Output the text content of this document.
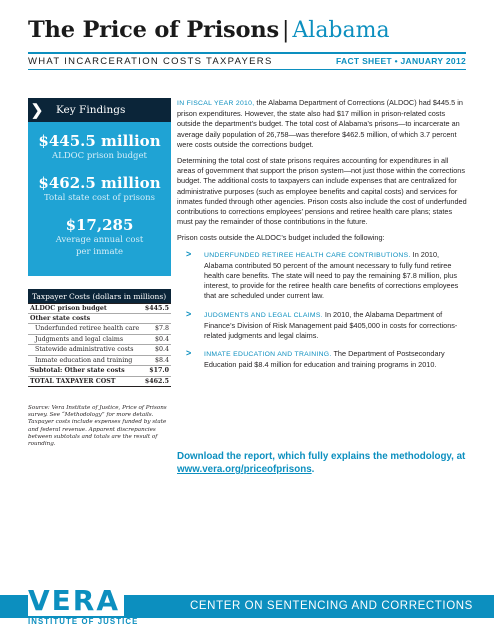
The Price of Prisons | Alabama
WHAT INCARCERATION COSTS TAXPAYERS	FACT SHEET • JANUARY 2012
❯ Key Findings
$445.5 million
ALDOC prison budget
$462.5 million
Total state cost of prisons
$17,285
Average annual cost per inmate
Taxpayer Costs (dollars in millions)
ALDOC prison budget	$445.5
Other state costs
Underfunded retiree health care $7.8
Judgments and legal claims	$0.4
Statewide administrative costs	$0.4
Inmate education and training	$8.4
Subtotal: Other state costs	$17.0
TOTAL TAXPAYER COST	$462.5
Source: Vera Institute of Justice, Price of Prisons survey. See “Methodology” for more details. Taxpayer costs include expenses funded by state and federal revenue. Apparent discrepancies between subtotals and totals are the result of rounding.

IN FISCAL YEAR 2010, the Alabama Department of Corrections (ALDOC) had $445.5 in prison expenditures. However, the state also had $17 million in prison-related costs outside the department’s budget. The total cost of Alabama’s prisons—to incarcerate an average daily population of 26,758—was therefore $462.5 million, of which 3.7 percent were costs outside the corrections budget.

Determining the total cost of state prisons requires accounting for expenditures in all areas of government that support the prison system—not just those within the corrections budget. The additional costs to taxpayers can include expenses that are centralized for administrative purposes (such as employee benefits and capital costs) and services for inmates funded through other agencies. Prison costs also include the cost of underfunded contributions to corrections employees’ pensions and retiree health care plans; states must pay the remainder of those contributions in the future.

Prison costs outside the ALDOC’s budget included the following:

> UNDERFUNDED RETIREE HEALTH CARE CONTRIBUTIONS. In 2010, Alabama contributed 50 percent of the amount necessary to fully fund retiree health care benefits. The state will need to pay the remaining $7.8 million, plus interest, to provide for the retiree health care benefits of corrections employees that are scheduled under current law.
> JUDGMENTS AND LEGAL CLAIMS. In 2010, the Alabama Department of Finance’s Division of Risk Management paid $405,000 in costs for corrections-related judgments and legal claims.
> INMATE EDUCATION AND TRAINING. The Department of Postsecondary Education paid $8.4 million for education and training programs in 2010.
Download the report, which fully explains the methodology, at www.vera.org/priceofprisons.
CENTER ON SENTENCING AND CORRECTIONS
VERA
INSTITUTE OF JUSTICE
